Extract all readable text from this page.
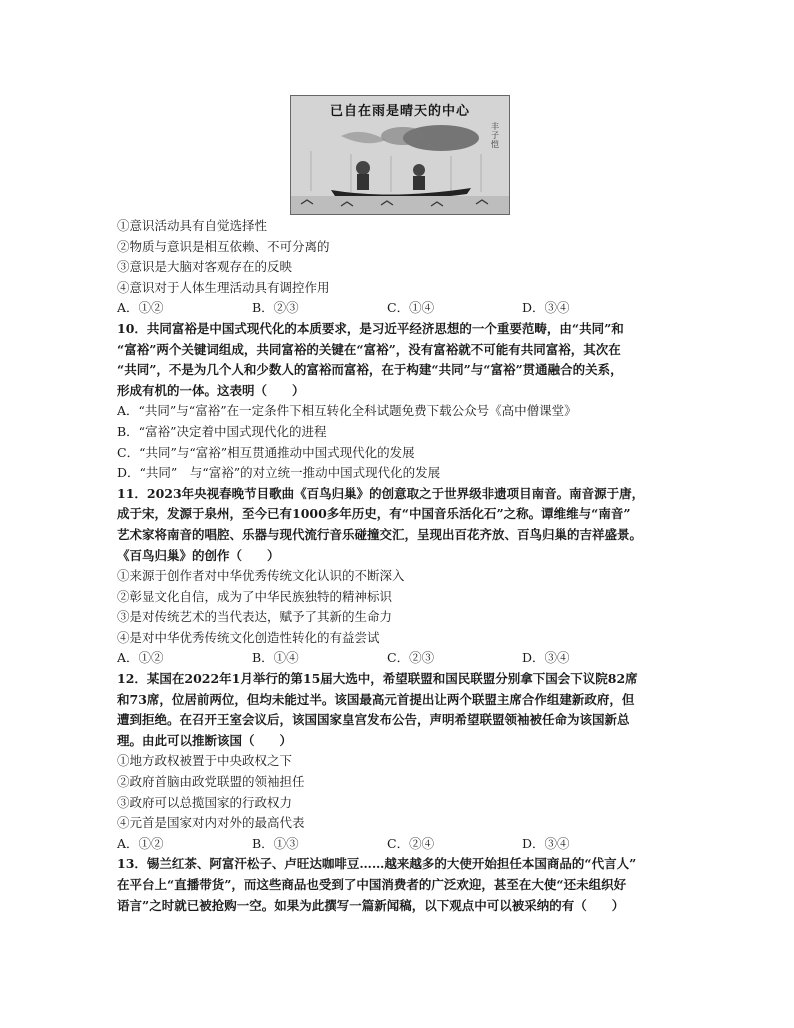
已自在雨是晴天的中心
丰子恺
①意识活动具有自觉选择性
②物质与意识是相互依赖、不可分离的
③意识是大脑对客观存在的反映
④意识对于人体生理活动具有调控作用
A．①②	B．②③	C．①④	D．③④
10．共同富裕是中国式现代化的本质要求，是习近平经济思想的一个重要范畴，由“共同”和
“富裕”两个关键词组成，共同富裕的关键在“富裕”，没有富裕就不可能有共同富裕，其次在
“共同”，不是为几个人和少数人的富裕而富裕，在于构建“共同”与“富裕”贯通融合的关系，
形成有机的一体。这表明（　　）
A．“共同”与“富裕”在一定条件下相互转化全科试题免费下载公众号《高中僧课堂》
B．“富裕”决定着中国式现代化的进程
C．“共同”与“富裕”相互贯通推动中国式现代化的发展
D．“共同”　与“富裕”的对立统一推动中国式现代化的发展
11．2023年央视春晚节目歌曲《百鸟归巢》的创意取之于世界级非遗项目南音。南音源于唐，
成于宋，发源于泉州，至今已有1000多年历史，有“中国音乐活化石”之称。谭维维与“南音”
艺术家将南音的唱腔、乐器与现代流行音乐碰撞交汇，呈现出百花齐放、百鸟归巢的吉祥盛景。
《百鸟归巢》的创作（　　）
①来源于创作者对中华优秀传统文化认识的不断深入
②彰显文化自信，成为了中华民族独特的精神标识
③是对传统艺术的当代表达，赋予了其新的生命力
④是对中华优秀传统文化创造性转化的有益尝试
A．①②	B．①④	C．②③	D．③④
12．某国在2022年1月举行的第15届大选中，希望联盟和国民联盟分别拿下国会下议院82席
和73席，位居前两位，但均未能过半。该国最高元首提出让两个联盟主席合作组建新政府，但
遭到拒绝。在召开王室会议后，该国国家皇宫发布公告，声明希望联盟领袖被任命为该国新总
理。由此可以推断该国（　　）
①地方政权被置于中央政权之下
②政府首脑由政党联盟的领袖担任
③政府可以总揽国家的行政权力
④元首是国家对内对外的最高代表
A．①②	B．①③	C．②④	D．③④
13．锡兰红茶、阿富汗松子、卢旺达咖啡豆……越来越多的大使开始担任本国商品的“代言人”
在平台上“直播带货”，而这些商品也受到了中国消费者的广泛欢迎，甚至在大使“还未组织好
语言”之时就已被抢购一空。如果为此撰写一篇新闻稿，以下观点中可以被采纳的有（　　）
